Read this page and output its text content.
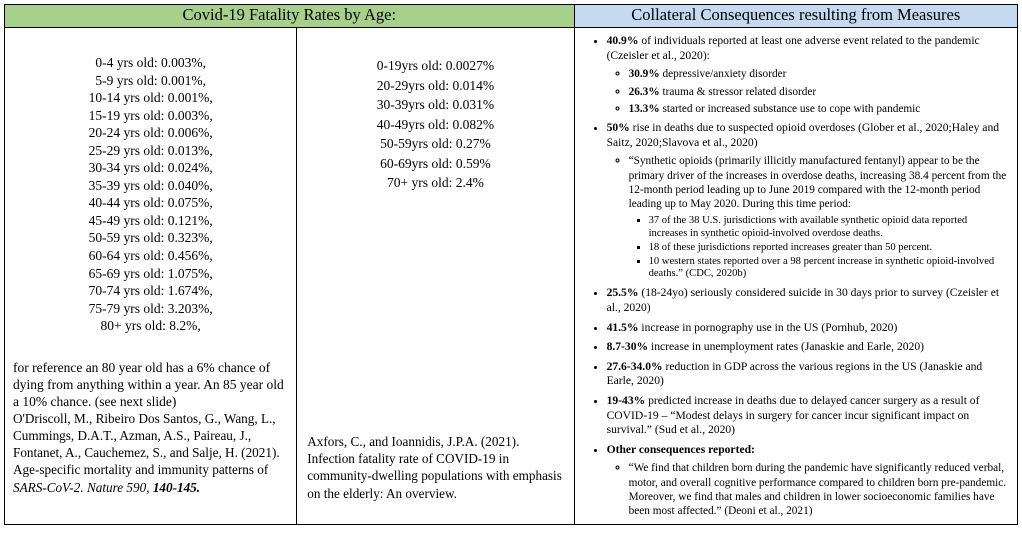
Covid-19 Fatality Rates by Age:		Collateral Consequences resulting from Measures

0-4 yrs old: 0.003%,
5-9 yrs old: 0.001%,
10-14 yrs old: 0.001%,
15-19 yrs old: 0.003%,
20-24 yrs old: 0.006%,
25-29 yrs old: 0.013%,
30-34 yrs old: 0.024%,
35-39 yrs old: 0.040%,
40-44 yrs old: 0.075%,
45-49 yrs old: 0.121%,
50-59 yrs old: 0.323%,
60-64 yrs old: 0.456%,
65-69 yrs old: 1.075%,
70-74 yrs old: 1.674%,
75-79 yrs old: 3.203%,
80+ yrs old: 8.2%,
for reference an 80 year old has a 6% chance of dying from anything within a year. An 85 year old a 10% chance. (see next slide)
O'Driscoll, M., Ribeiro Dos Santos, G., Wang, L., Cummings, D.A.T., Azman, A.S., Paireau, J., Fontanet, A., Cauchemez, S., and Salje, H. (2021). Age-specific mortality and immunity patterns of SARS-CoV-2. Nature 590, 140-145.

0-19yrs old: 0.0027%
20-29yrs old: 0.014%
30-39yrs old: 0.031%
40-49yrs old: 0.082%
50-59yrs old: 0.27%
60-69yrs old: 0.59%
70+ yrs old: 2.4%
Axfors, C., and Ioannidis, J.P.A. (2021). Infection fatality rate of COVID-19 in community-dwelling populations with emphasis on the elderly: An overview.

• 40.9% of individuals reported at least one adverse event related to the pandemic (Czeisler et al., 2020):
◦ 30.9% depressive/anxiety disorder
◦ 26.3% trauma & stressor related disorder
◦ 13.3% started or increased substance use to cope with pandemic
• 50% rise in deaths due to suspected opioid overdoses (Glober et al., 2020;Haley and Saitz, 2020;Slavova et al., 2020)
◦ “Synthetic opioids (primarily illicitly manufactured fentanyl) appear to be the primary driver of the increases in overdose deaths, increasing 38.4 percent from the 12-month period leading up to June 2019 compared with the 12-month period leading up to May 2020. During this time period:
▪ 37 of the 38 U.S. jurisdictions with available synthetic opioid data reported increases in synthetic opioid-involved overdose deaths.
▪ 18 of these jurisdictions reported increases greater than 50 percent.
▪ 10 western states reported over a 98 percent increase in synthetic opioid-involved deaths.” (CDC, 2020b)
• 25.5% (18-24yo) seriously considered suicide in 30 days prior to survey (Czeisler et al., 2020)
• 41.5% increase in pornography use in the US (Pornhub, 2020)
• 8.7-30% increase in unemployment rates (Janaskie and Earle, 2020)
• 27.6-34.0% reduction in GDP across the various regions in the US (Janaskie and Earle, 2020)
• 19-43% predicted increase in deaths due to delayed cancer surgery as a result of COVID-19 – “Modest delays in surgery for cancer incur significant impact on survival.” (Sud et al., 2020)
• Other consequences reported:
◦ “We find that children born during the pandemic have significantly reduced verbal, motor, and overall cognitive performance compared to children born pre-pandemic. Moreover, we find that males and children in lower socioeconomic families have been most affected.” (Deoni et al., 2021)
